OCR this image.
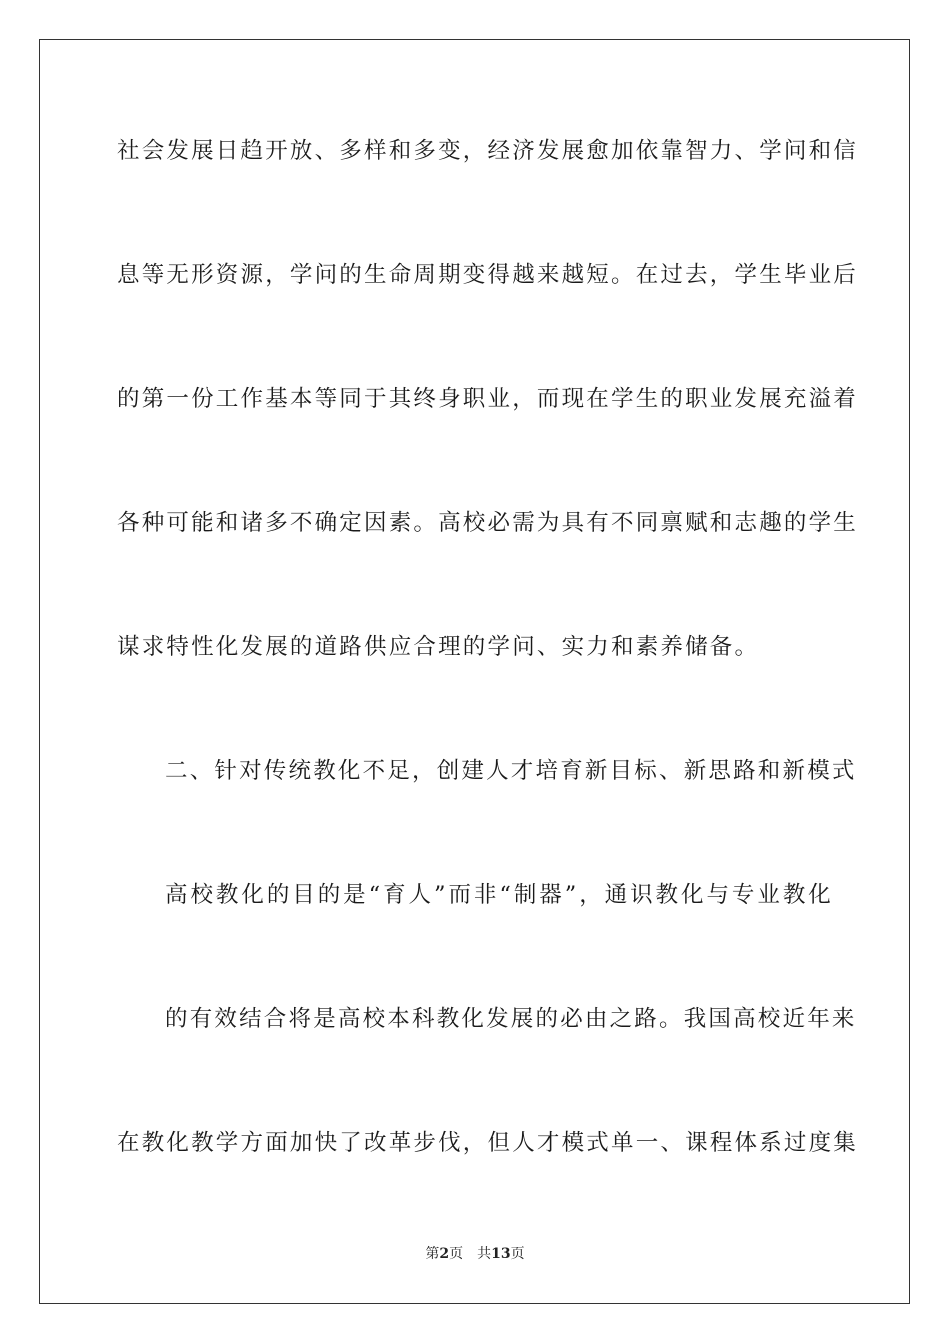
社会发展日趋开放、多样和多变，经济发展愈加依靠智力、学问和信
息等无形资源，学问的生命周期变得越来越短。在过去，学生毕业后
的第一份工作基本等同于其终身职业，而现在学生的职业发展充溢着
各种可能和诸多不确定因素。高校必需为具有不同禀赋和志趣的学生
谋求特性化发展的道路供应合理的学问、实力和素养储备。
二、针对传统教化不足，创建人才培育新目标、新思路和新模式
高校教化的目的是“育人”而非“制器”，通识教化与专业教化
的有效结合将是高校本科教化发展的必由之路。我国高校近年来
在教化教学方面加快了改革步伐，但人才模式单一、课程体系过度集
第2页 共13页
